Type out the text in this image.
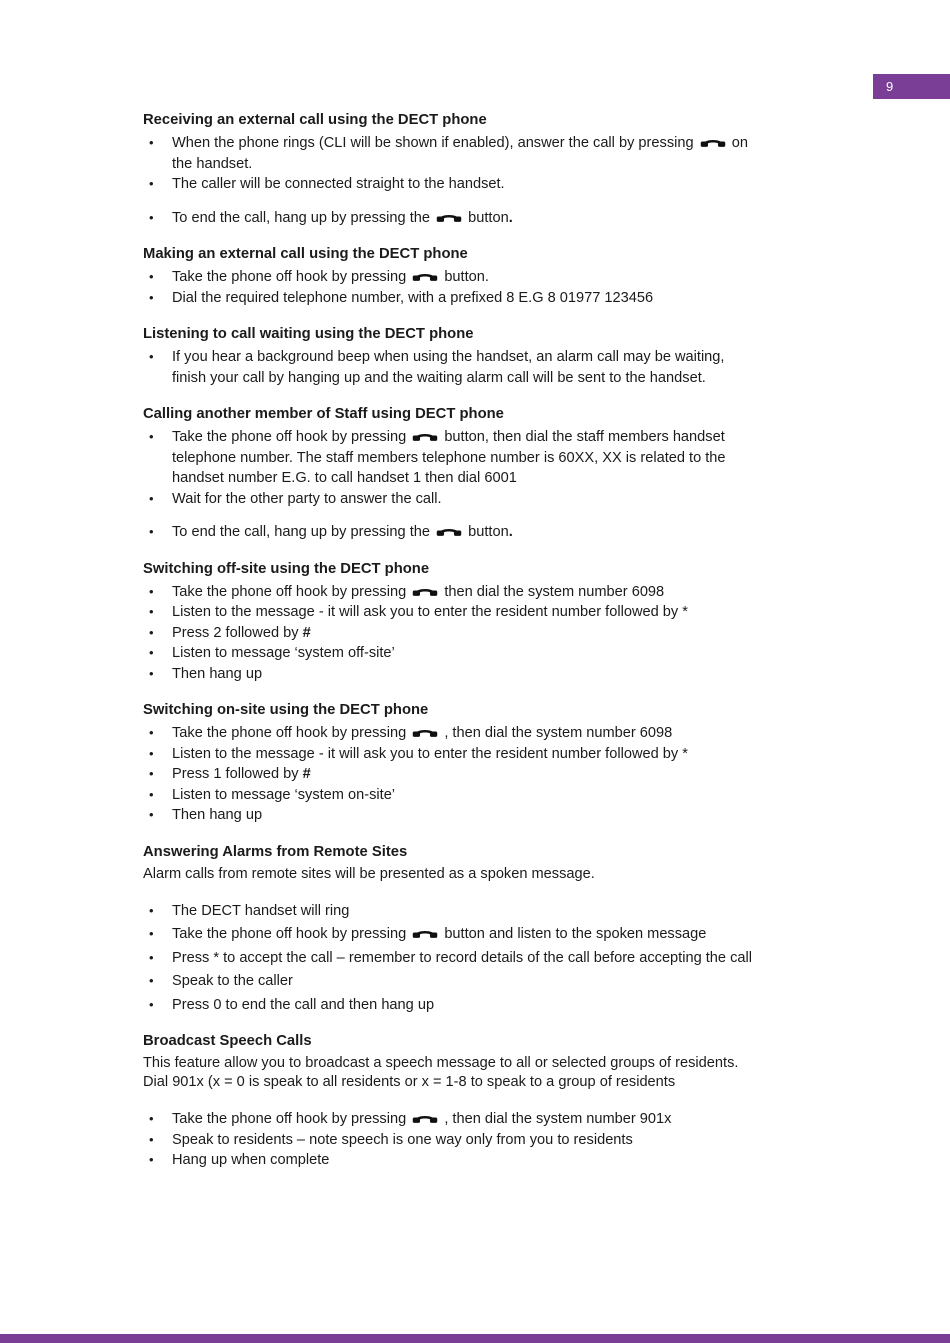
9
Receiving an external call using the DECT phone
• When the phone rings (CLI will be shown if enabled), answer the call by pressing  on
the handset.
• The caller will be connected straight to the handset.
• To end the call, hang up by pressing the  button.
Making an external call using the DECT phone
• Take the phone off hook by pressing  button.
• Dial the required telephone number, with a prefixed 8 E.G 8 01977 123456
Listening to call waiting using the DECT phone
• If you hear a background beep when using the handset, an alarm call may be waiting,
finish your call by hanging up and the waiting alarm call will be sent to the handset.
Calling another member of Staff using DECT phone
• Take the phone off hook by pressing  button, then dial the staff members handset
telephone number. The staff members telephone number is 60XX, XX is related to the
handset number E.G. to call handset 1 then dial 6001
• Wait for the other party to answer the call.
• To end the call, hang up by pressing the  button.
Switching off-site using the DECT phone
• Take the phone off hook by pressing  then dial the system number 6098
• Listen to the message - it will ask you to enter the resident number followed by *
• Press 2 followed by #
• Listen to message ‘system off-site’
• Then hang up
Switching on-site using the DECT phone
• Take the phone off hook by pressing  , then dial the system number 6098
• Listen to the message - it will ask you to enter the resident number followed by *
• Press 1 followed by #
• Listen to message ‘system on-site’
• Then hang up
Answering Alarms from Remote Sites

Alarm calls from remote sites will be presented as a spoken message.

• The DECT handset will ring
• Take the phone off hook by pressing  button and listen to the spoken message
• Press * to accept the call – remember to record details of the call before accepting the call
• Speak to the caller
• Press 0 to end the call and then hang up
Broadcast Speech Calls

This feature allow you to broadcast a speech message to all or selected groups of residents.

Dial 901x (x = 0 is speak to all residents or x = 1-8 to speak to a group of residents

• Take the phone off hook by pressing  , then dial the system number 901x
• Speak to residents – note speech is one way only from you to residents
• Hang up when complete
